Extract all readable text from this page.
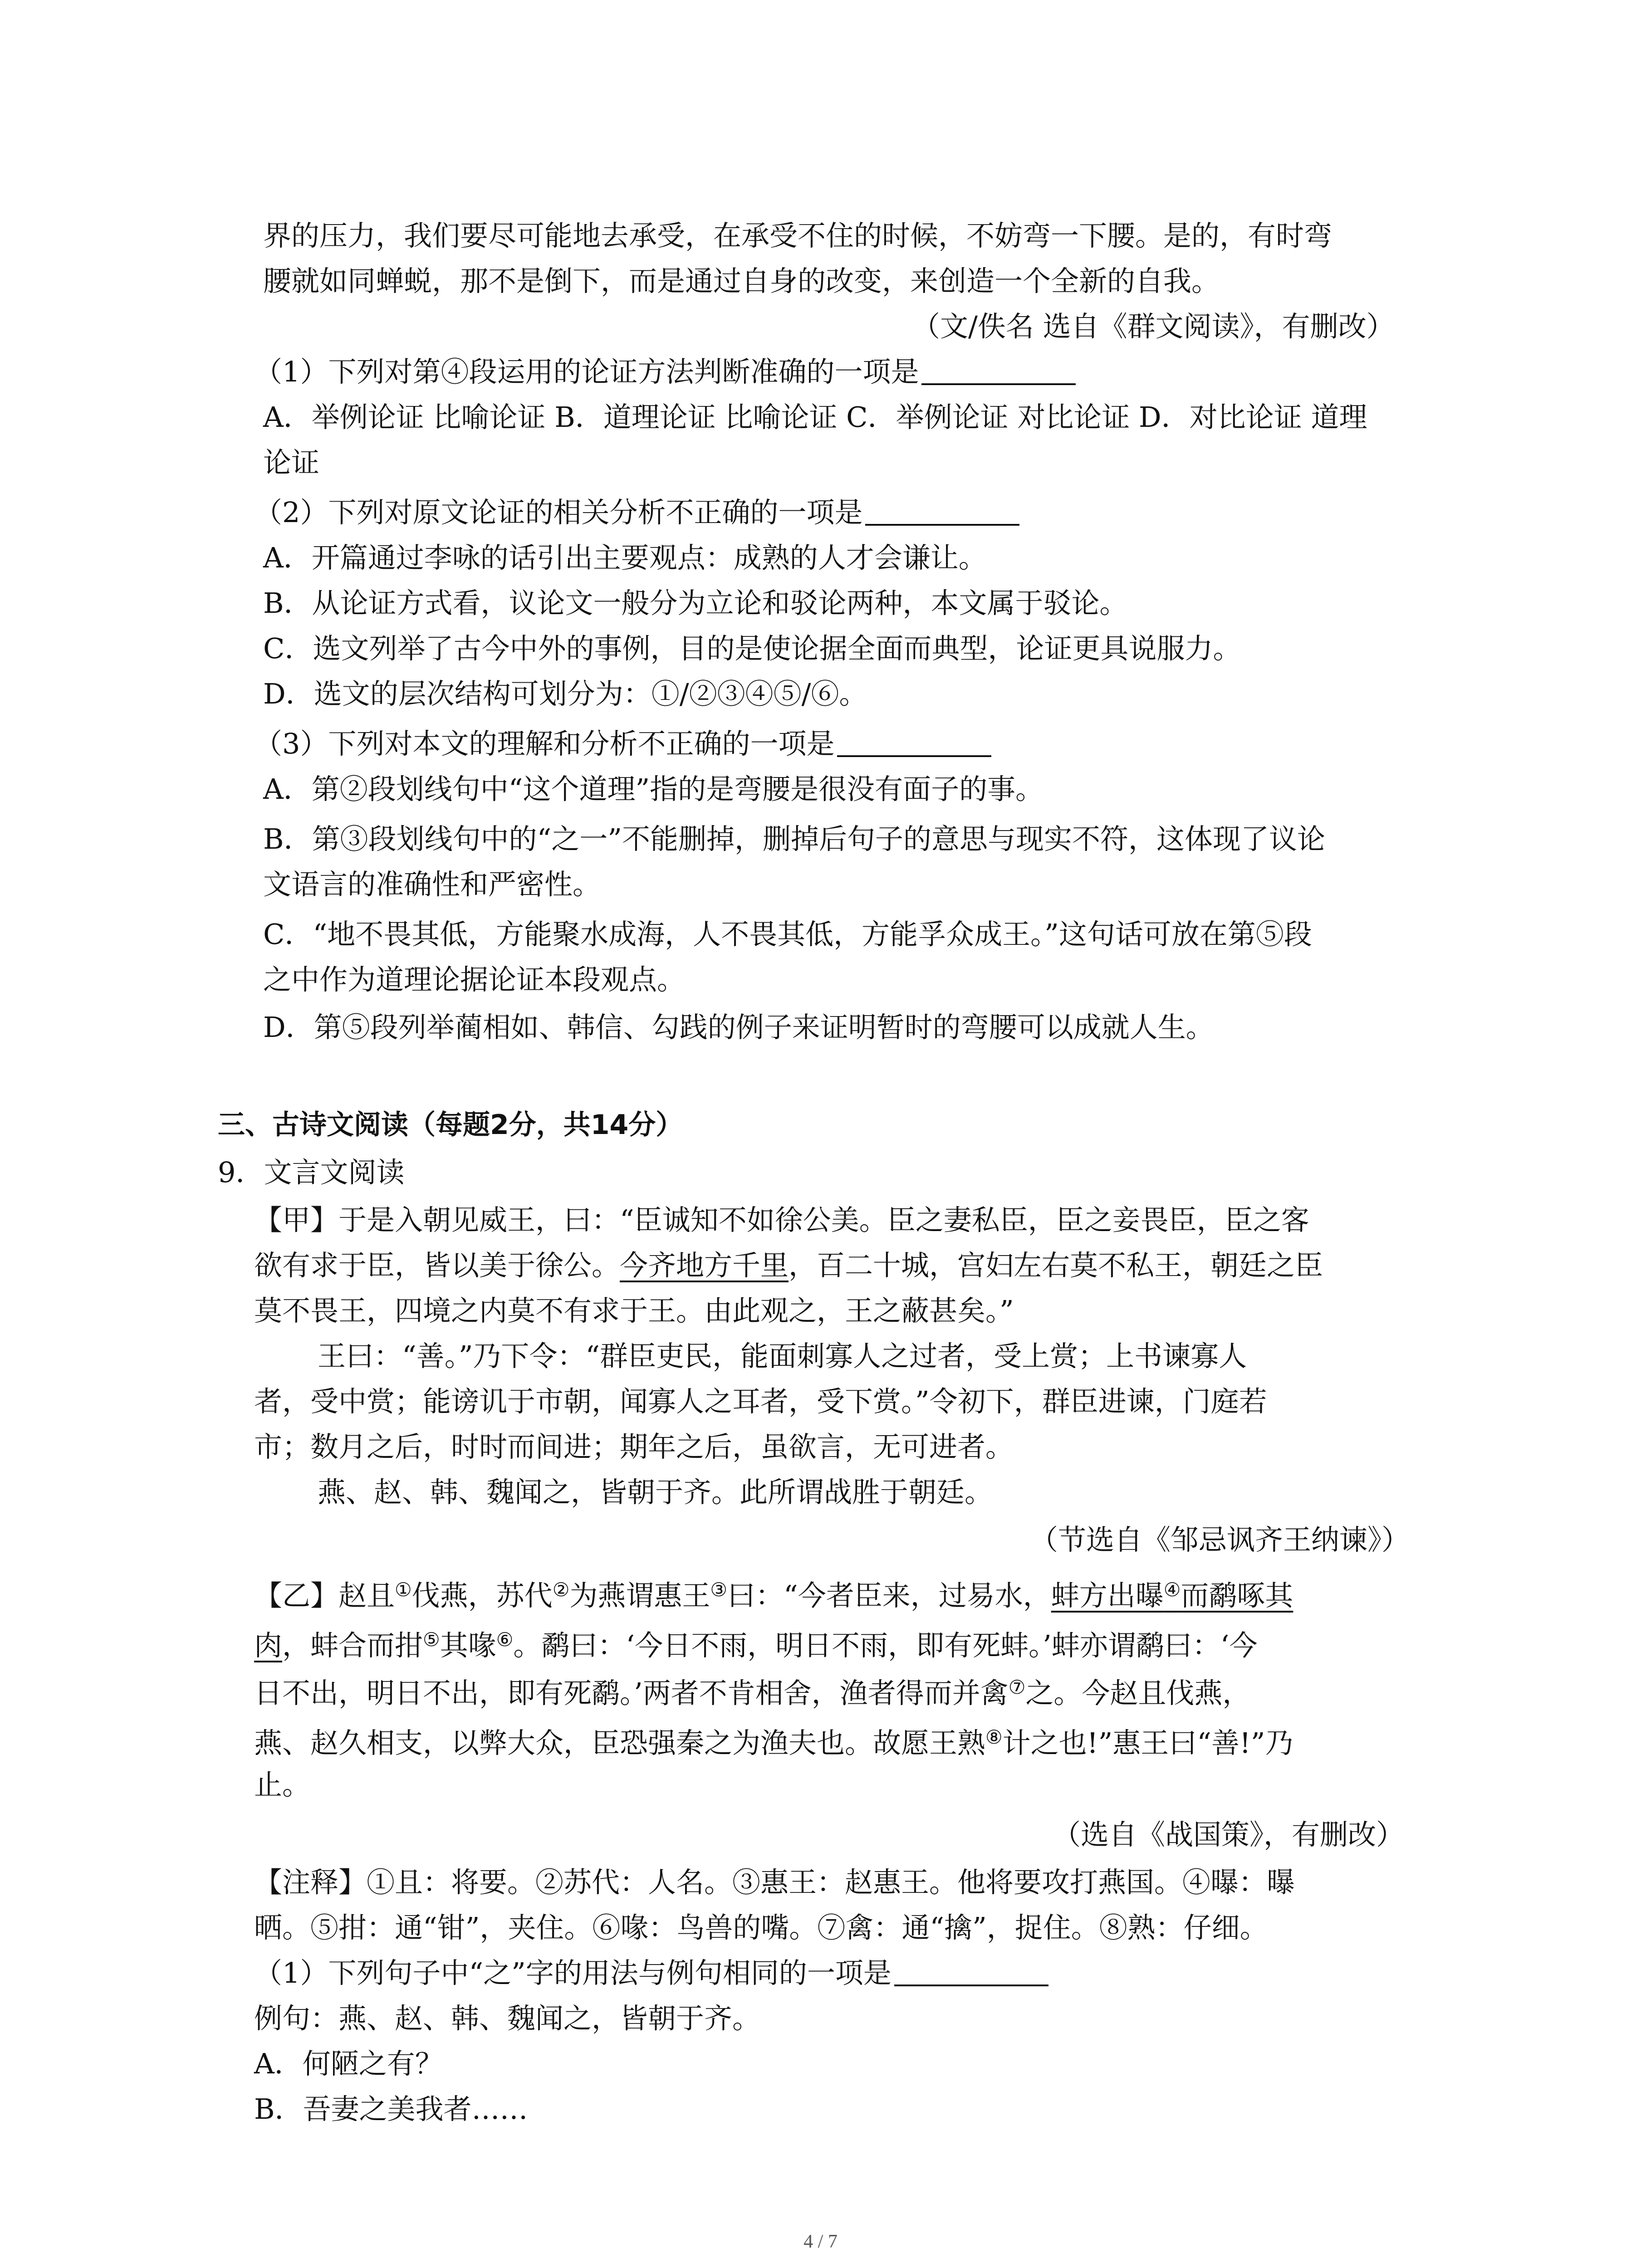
界的压力，我们要尽可能地去承受，在承受不住的时候，不妨弯一下腰。是的，有时弯
腰就如同蝉蜕，那不是倒下，而是通过自身的改变，来创造一个全新的自我。
（文/佚名 选自《群文阅读》，有删改）
（1）下列对第④段运用的论证方法判断准确的一项是
A．举例论证 比喻论证 B．道理论证 比喻论证 C．举例论证 对比论证 D．对比论证 道理
论证
（2）下列对原文论证的相关分析不正确的一项是
A．开篇通过李咏的话引出主要观点：成熟的人才会谦让。
B．从论证方式看，议论文一般分为立论和驳论两种，本文属于驳论。
C．选文列举了古今中外的事例，目的是使论据全面而典型，论证更具说服力。
D．选文的层次结构可划分为：①/②③④⑤/⑥。
（3）下列对本文的理解和分析不正确的一项是
A．第②段划线句中“这个道理”指的是弯腰是很没有面子的事。
B．第③段划线句中的“之一”不能删掉，删掉后句子的意思与现实不符，这体现了议论
文语言的准确性和严密性。
C．“地不畏其低，方能聚水成海，人不畏其低，方能孚众成王。”这句话可放在第⑤段
之中作为道理论据论证本段观点。
D．第⑤段列举蔺相如、韩信、勾践的例子来证明暂时的弯腰可以成就人生。
三、古诗文阅读（每题2分，共14分）
9．文言文阅读
【甲】于是入朝见威王，曰：“臣诚知不如徐公美。臣之妻私臣，臣之妾畏臣，臣之客
欲有求于臣，皆以美于徐公。今齐地方千里，百二十城，宫妇左右莫不私王，朝廷之臣
莫不畏王，四境之内莫不有求于王。由此观之，王之蔽甚矣。”
王曰：“善。”乃下令：“群臣吏民，能面刺寡人之过者，受上赏；上书谏寡人
者，受中赏；能谤讥于市朝，闻寡人之耳者，受下赏。”令初下，群臣进谏，门庭若
市；数月之后，时时而间进；期年之后，虽欲言，无可进者。
燕、赵、韩、魏闻之，皆朝于齐。此所谓战胜于朝廷。
（节选自《邹忌讽齐王纳谏》）
【乙】赵且①伐燕，苏代②为燕谓惠王③曰：“今者臣来，过易水，蚌方出曝④而鹬啄其
肉，蚌合而拑⑤其喙⑥。鹬曰：‘今日不雨，明日不雨，即有死蚌。’蚌亦谓鹬曰：‘今
日不出，明日不出，即有死鹬。’两者不肯相舍，渔者得而并禽⑦之。今赵且伐燕，
燕、赵久相支，以弊大众，臣恐强秦之为渔夫也。故愿王熟⑧计之也!”惠王曰“善!”乃
止。
（选自《战国策》，有删改）
【注释】①且：将要。②苏代：人名。③惠王：赵惠王。他将要攻打燕国。④曝：曝
晒。⑤拑：通“钳”，夹住。⑥喙：鸟兽的嘴。⑦禽：通“擒”，捉住。⑧熟：仔细。
（1）下列句子中“之”字的用法与例句相同的一项是
例句：燕、赵、韩、魏闻之，皆朝于齐。
A．何陋之有？
B．吾妻之美我者……
4 / 7
